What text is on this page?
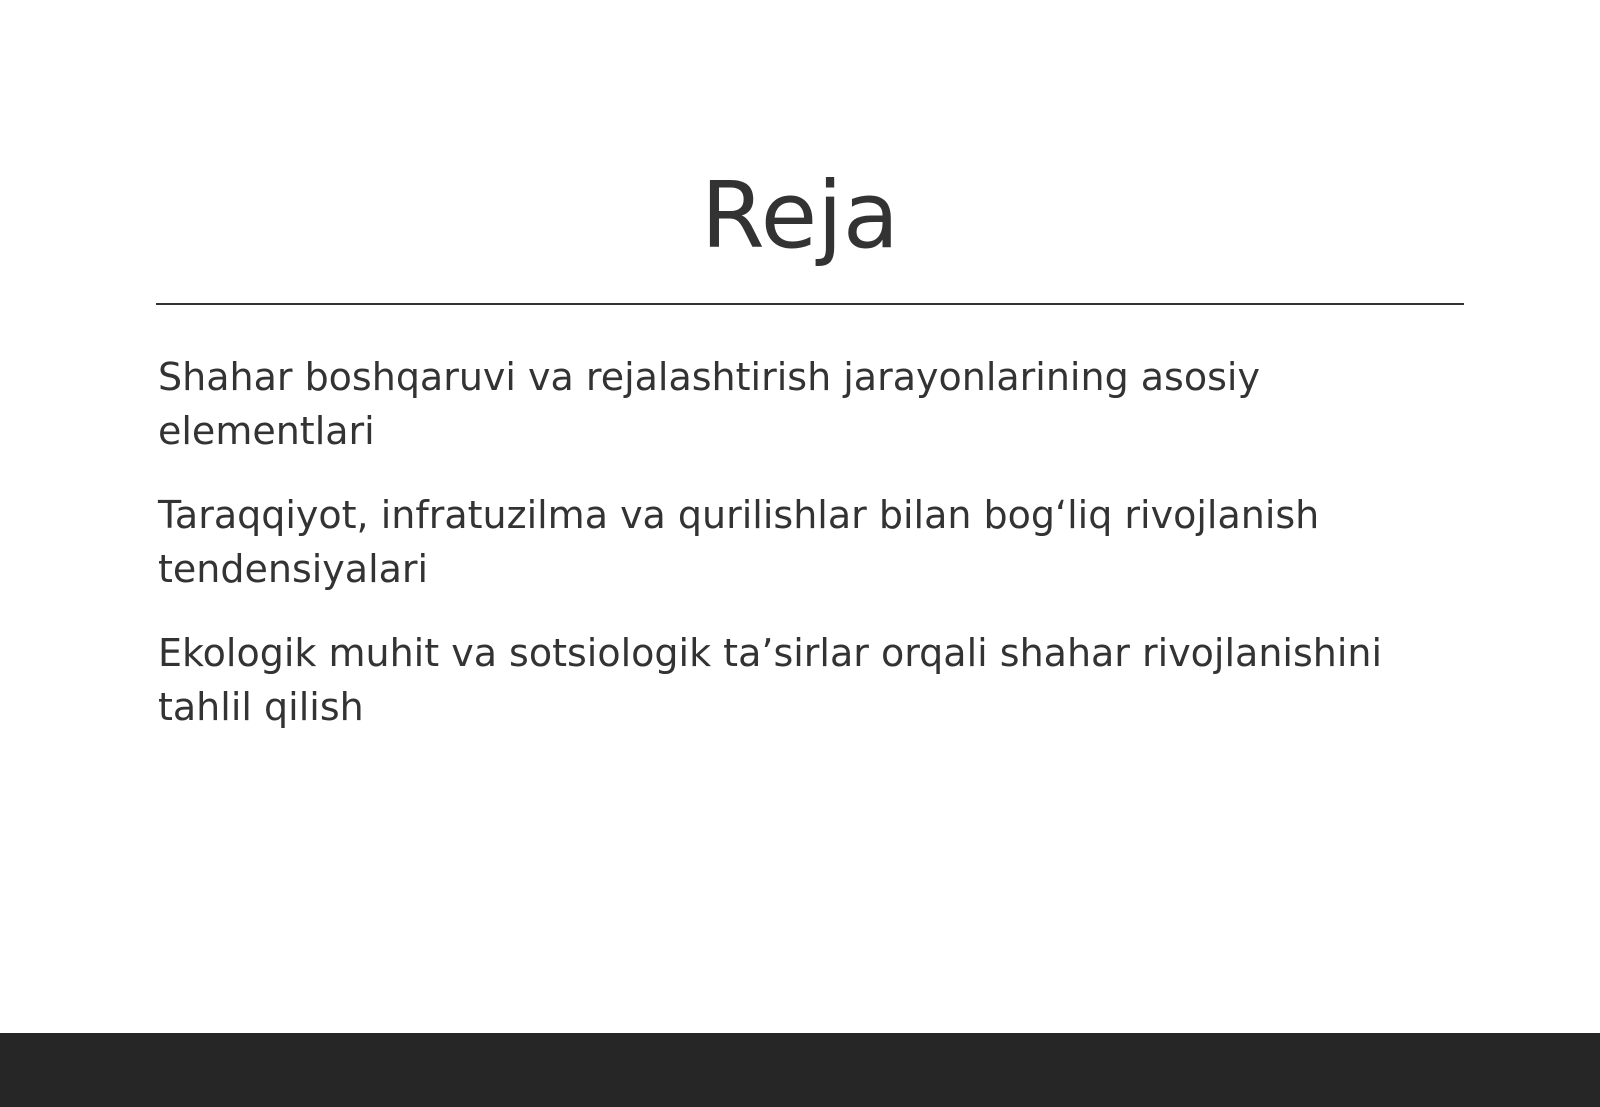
Reja
Shahar boshqaruvi va rejalashtirish jarayonlarining asosiy elementlari
Taraqqiyot, infratuzilma va qurilishlar bilan bog‘liq rivojlanish tendensiyalari
Ekologik muhit va sotsiologik ta’sirlar orqali shahar rivojlanishini tahlil qilish
